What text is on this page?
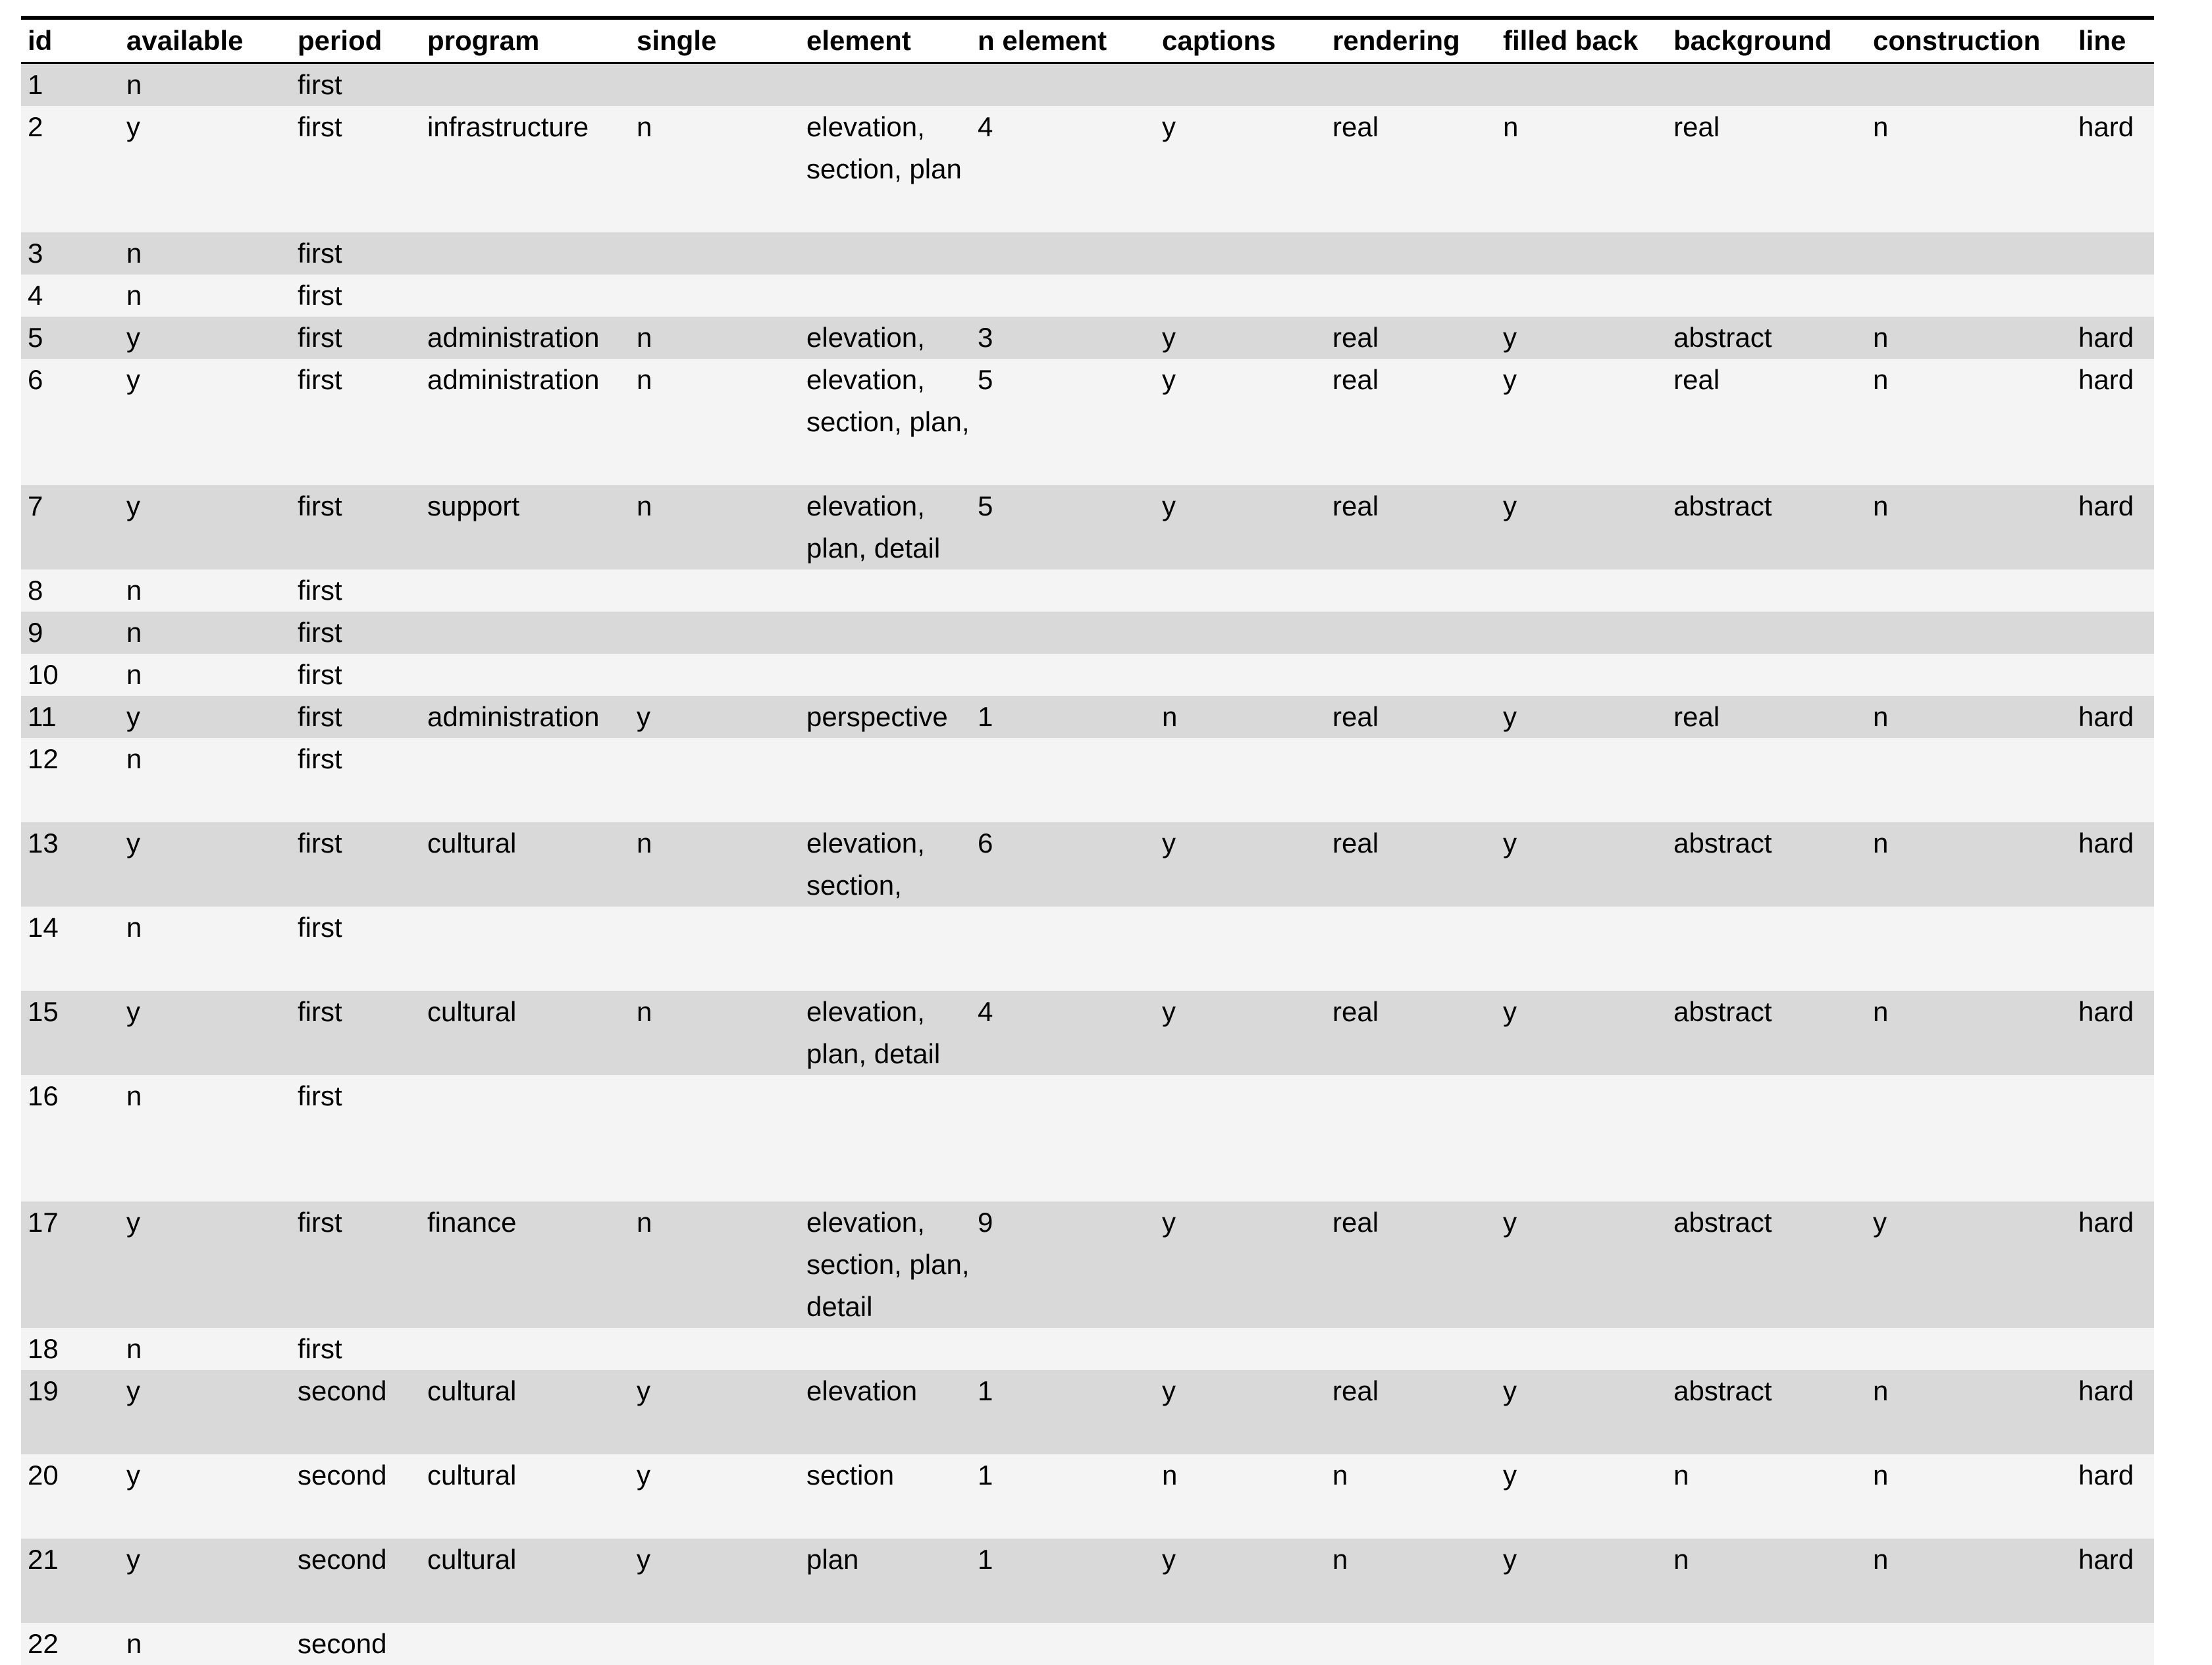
id	available	period	program	single	element	n element	captions	rendering	filled back	background	construction	line
1	n	first										
2	y	first	infrastructure	n	elevation, section, plan	4	y	real	n	real	n	hard
3	n	first										
4	n	first										
5	y	first	administration	n	elevation,	3	y	real	y	abstract	n	hard
6	y	first	administration	n	elevation, section, plan,	5	y	real	y	real	n	hard
7	y	first	support	n	elevation, plan, detail	5	y	real	y	abstract	n	hard
8	n	first										
9	n	first										
10	n	first										
11	y	first	administration	y	perspective	1	n	real	y	real	n	hard
12	n	first										
13	y	first	cultural	n	elevation, section,	6	y	real	y	abstract	n	hard
14	n	first										
15	y	first	cultural	n	elevation, plan, detail	4	y	real	y	abstract	n	hard
16	n	first										
17	y	first	finance	n	elevation, section, plan, detail	9	y	real	y	abstract	y	hard
18	n	first										
19	y	second	cultural	y	elevation	1	y	real	y	abstract	n	hard
20	y	second	cultural	y	section	1	n	n	y	n	n	hard
21	y	second	cultural	y	plan	1	y	n	y	n	n	hard
22	n	second										
